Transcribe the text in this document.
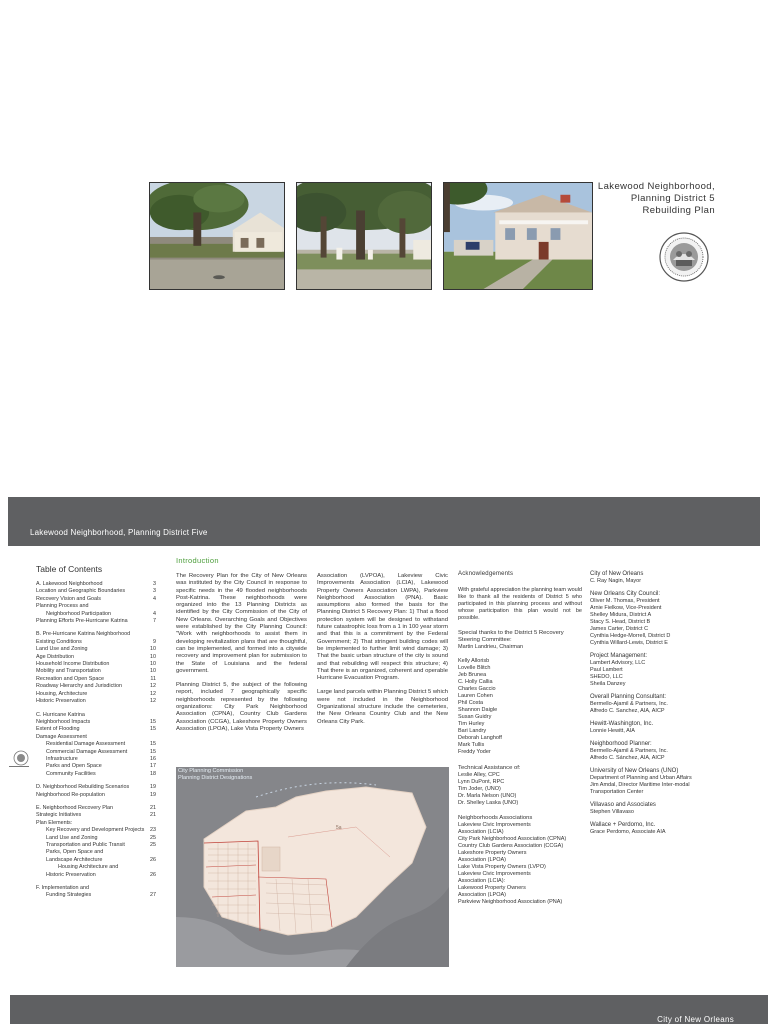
Lakewood Neighborhood,
Planning District 5
Rebuilding Plan
Lakewood Neighborhood, Planning District Five
Table of Contents
A. Lakewood Neighborhood	3
Location and Geographic Boundaries	3
Recovery Vision and Goals	4
Planning Process and
Neighborhood Participation	4
Planning Efforts Pre-Hurricane Katrina	7
B. Pre-Hurricane Katrina Neighborhood
Existing Conditions	9
Land Use and Zoning	10
Age Distribution	10
Household Income Distribution	10
Mobility and Transportation	10
Recreation and Open Space	11
Roadway Hierarchy and Jurisdiction	12
Housing, Architecture	12
Historic Preservation	12
C. Hurricane Katrina
Neighborhood Impacts	15
Extent of Flooding	15
Damage Assessment
Residential Damage Assessment	15
Commercial Damage Assessment	15
Infrastructure	16
Parks and Open Space	17
Community Facilities	18
D. Neighborhood Rebuilding Scenarios	19
Neighborhood Re-population	19
E. Neighborhood Recovery Plan	21
Strategic Initiatives	21
Plan Elements:
Key Recovery and Development Projects	23
Land Use and Zoning	25
Transportation and Public Transit	25
Parks, Open Space and
Landscape Architecture	26
Housing Architecture and
Historic Preservation	26
F. Implementation and
Funding Strategies	27
Introduction

The Recovery Plan for the City of New Orleans was instituted by the City Council in response to specific needs in the 49 flooded neighborhoods Post-Katrina. These neighborhoods were organized into the 13 Planning Districts as identified by the City Commission of the City of New Orleans. Overarching Goals and Objectives were established by the City Planning Council: "Work with neighborhoods to assist them in developing revitalization plans that are thoughtful, can be implemented, and formed into a citywide recovery and improvement plan for submission to the State of Louisiana and the federal government.

Planning District 5, the subject of the following report, included 7 geographically specific neighborhoods represented by the following organizations: City Park Neighborhood Association (CPNA), Country Club Gardens Association (CCGA), Lakeshore Property Owners Association (LPOA), Lake Vista Property Owners

Association (LVPOA), Lakeview Civic Improvements Association (LCIA), Lakewood Property Owners Association LWPA), Parkview Neighborhood Association (PNA). Basic assumptions also formed the basis for the Planning District 5 Recovery Plan: 1) That a flood protection system will be designed to withstand future catastrophic loss from a 1 in 100 year storm and that this is a commitment by the Federal Government; 2) That stringent building codes will be implemented to further limit wind damage; 3) That the basic urban structure of the city is sound and that rebuilding will respect this structure; 4) That there is an organized, coherent and operable Hurricane Evacuation Program.

Large land parcels within Planning District 5 which were not included in the Neighborhood Organizational structure include the cemeteries, the New Orleans Country Club and the New Orleans City Park.

5a
City Planning Commission
Planning District Designations
Acknowledgements
With grateful appreciation the planning team would like to thank all the residents of District 5 who participated in this planning process and without whose participation this plan would not be possible.
Special thanks to the District 5 Recovery Steering Committee:
Martin Landrieu, Chairman
Kelly Allorisb
Lovelle Blitch
Jeb Brunea
C. Holly Callia
Charles Gaccio
Lauren Cohen
Phil Costa
Shannon Daigle
Susan Guidry
Tim Hurley
Bari Landry
Deborah Langhoff
Mark Tullis
Freddy Yoder
Technical Assistance of:
Leslie Alley, CPC
Lynn DuPont, RPC
Tim Joder, (UNO)
Dr. Marla Nelson (UNO)
Dr. Shelley Laska (UNO)
Neighborhoods Associations
Lakeview Civic Improvements
Association (LCIA)
City Park Neighborhood Association (CPNA)
Country Club Gardens Association (CCGA)
Lakeshore Property Owners
Association (LPOA)
Lake Vista Property Owners (LVPO)
Lakeview Civic Improvements
Association (LCIA):
Lakewood Property Owners
Association (LPOA)
Parkview Neighborhood Association (PNA)
City of New Orleans
C. Ray Nagin, Mayor
New Orleans City Council:
Oliver M. Thomas, President
Arnie Fielkow, Vice-President
Shelley Midura, District A
Stacy S. Head, District B
James Carter, District C
Cynthia Hedge-Morrell, District D
Cynthia Willard-Lewis, District E
Project Management:
Lambert Advisory, LLC
Paul Lambert
SHEDO, LLC
Sheila Danzey
Overall Planning Consultant:
Bermello-Ajamil & Partners, Inc.
Alfredo C. Sanchez, AIA, AICP
Hewitt-Washington, Inc.
Lonnie Hewitt, AIA
Neighborhood Planner:
Bermello-Ajamil & Partners, Inc.
Alfredo C. Sánchez, AIA, AICP
University of New Orleans (UNO)
Department of Planning and Urban Affairs
Jim Amdal, Director Maritime Inter-modal
Transportation Center
Villavaso and Associates
Stephen Villavaso
Wallace + Perdomo, Inc.
Grace Perdomo, Associate AIA
City of New Orleans
